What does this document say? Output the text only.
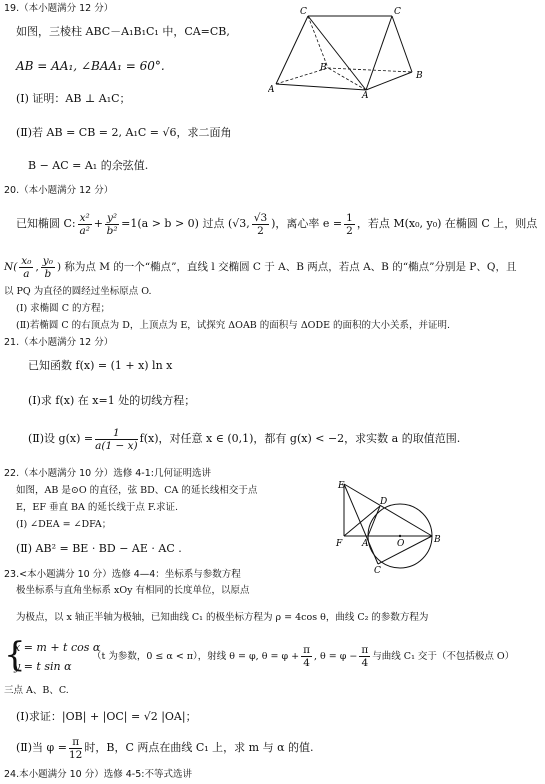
19.（本小题满分 12 分）
如图，三棱柱 ABC－A₁B₁C₁ 中，CA=CB,
AB = AA₁, ∠BAA₁ = 60°.
(Ⅰ) 证明：AB ⊥ A₁C；
(Ⅱ)若 AB = CB = 2, A₁C = √6，求二面角
B − AC = A₁ 的余弦值.
C	C
B
B
A
A
20.（本小题满分 12 分）
已知椭圆 C: $\frac{\text{x²}}{\text{a²}} + \frac{\text{y²}}{\text{b²}} =1(a > b > 0)$ 过点 (√3, $\frac{√3}{2}$ )，离心率 $e = \frac{1}{2}$ ，若点 M(x₀, y₀) 在椭圆 C 上，则点
$N( \frac{\text{x₀}}{a}$ , $\frac{\text{y₀}}{b}$ ) 称为点 M 的一个“椭点”，直线 l 交椭圆 C 于 A、B 两点，若点 A、B 的“椭点”分别是 P、Q，且
以 PQ 为直径的圆经过坐标原点 O.
(Ⅰ) 求椭圆 C 的方程；
(Ⅱ)若椭圆 C 的右顶点为 D，上顶点为 E，试探究 ΔOAB 的面积与 ΔODE 的面积的大小关系，并证明.
21.（本小题满分 12 分）
已知函数 f(x) = (1 + x) ln x
(Ⅰ)求 f(x) 在 x=1 处的切线方程；
(Ⅱ)设 $g(x) = \frac{1}{a(1 - x)} f(x)$，对任意 x ∈ (0,1)，都有 g(x) < −2，求实数 a 的取值范围.
22.（本小题满分 10 分）选修 4-1:几何证明选讲
如图，AB 是⊙O 的直径，弦 BD、CA 的延长线相交于点
E，EF 垂直 BA 的延长线于点 F.求证.
(Ⅰ) ∠DEA = ∠DFA；
(Ⅱ) AB² = BE · BD − AE · AC .
E
D
F A	O	B
C
23.<本小题满分 10 分）选修 4—4：坐标系与参数方程
极坐标系与直角坐标系 xOy 有相同的长度单位，以原点
为极点，以 x 轴正半轴为极轴，已知曲线 C₁ 的极坐标方程为 ρ = 4cos θ，曲线 C₂ 的参数方程为
{
x = m + t cos α
y = t sin α
（t 为参数，0 ≤ α < π），射线 θ = φ, $\theta = \varphi + \frac{\pi}{4}$ , $\theta = \varphi - \frac{\pi}{4}$ 与曲线 C₁ 交于（不包括极点 O）
三点 A、B、C.
(Ⅰ)求证：|OB| + |OC| = √2 |OA|；
(Ⅱ)当 $\varphi = \frac{\pi}{12}$ 时，B，C 两点在曲线 C₁ 上，求 m 与 α 的值.
24.本小题满分 10 分）选修 4-5:不等式选讲
